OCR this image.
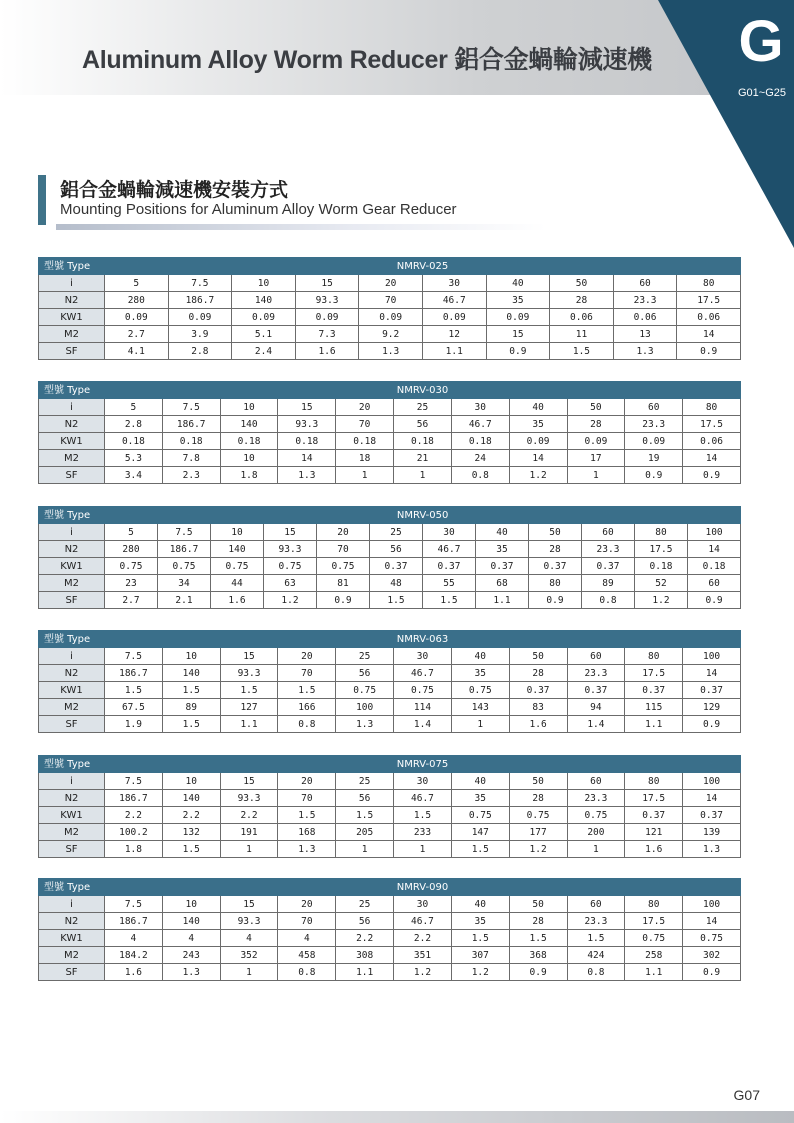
Aluminum Alloy Worm Reducer 鋁合金蝸輪減速機 G
G01~G25
鋁合金蝸輪減速機安裝方式
Mounting Positions for Aluminum Alloy Worm Gear Reducer
型號 Type	NMRV-025									
i	5	7.5	10	15	20	30	40	50	60	80
N2	280	186.7	140	93.3	70	46.7	35	28	23.3	17.5
KW1	0.09	0.09	0.09	0.09	0.09	0.09	0.09	0.06	0.06	0.06
M2	2.7	3.9	5.1	7.3	9.2	12	15	11	13	14
SF	4.1	2.8	2.4	1.6	1.3	1.1	0.9	1.5	1.3	0.9
型號 Type	NMRV-030										
i	5	7.5	10	15	20	25	30	40	50	60	80
N2	2.8	186.7	140	93.3	70	56	46.7	35	28	23.3	17.5
KW1	0.18	0.18	0.18	0.18	0.18	0.18	0.18	0.09	0.09	0.09	0.06
M2	5.3	7.8	10	14	18	21	24	14	17	19	14
SF	3.4	2.3	1.8	1.3	1	1	0.8	1.2	1	0.9	0.9
型號 Type	NMRV-050											
i	5	7.5	10	15	20	25	30	40	50	60	80	100
N2	280	186.7	140	93.3	70	56	46.7	35	28	23.3	17.5	14
KW1	0.75	0.75	0.75	0.75	0.75	0.37	0.37	0.37	0.37	0.37	0.18	0.18
M2	23	34	44	63	81	48	55	68	80	89	52	60
SF	2.7	2.1	1.6	1.2	0.9	1.5	1.5	1.1	0.9	0.8	1.2	0.9
型號 Type	NMRV-063										
i	7.5	10	15	20	25	30	40	50	60	80	100
N2	186.7	140	93.3	70	56	46.7	35	28	23.3	17.5	14
KW1	1.5	1.5	1.5	1.5	0.75	0.75	0.75	0.37	0.37	0.37	0.37
M2	67.5	89	127	166	100	114	143	83	94	115	129
SF	1.9	1.5	1.1	0.8	1.3	1.4	1	1.6	1.4	1.1	0.9
型號 Type	NMRV-075										
i	7.5	10	15	20	25	30	40	50	60	80	100
N2	186.7	140	93.3	70	56	46.7	35	28	23.3	17.5	14
KW1	2.2	2.2	2.2	1.5	1.5	1.5	0.75	0.75	0.75	0.37	0.37
M2	100.2	132	191	168	205	233	147	177	200	121	139
SF	1.8	1.5	1	1.3	1	1	1.5	1.2	1	1.6	1.3
型號 Type	NMRV-090										
i	7.5	10	15	20	25	30	40	50	60	80	100
N2	186.7	140	93.3	70	56	46.7	35	28	23.3	17.5	14
KW1	4	4	4	4	2.2	2.2	1.5	1.5	1.5	0.75	0.75
M2	184.2	243	352	458	308	351	307	368	424	258	302
SF	1.6	1.3	1	0.8	1.1	1.2	1.2	0.9	0.8	1.1	0.9
G07
